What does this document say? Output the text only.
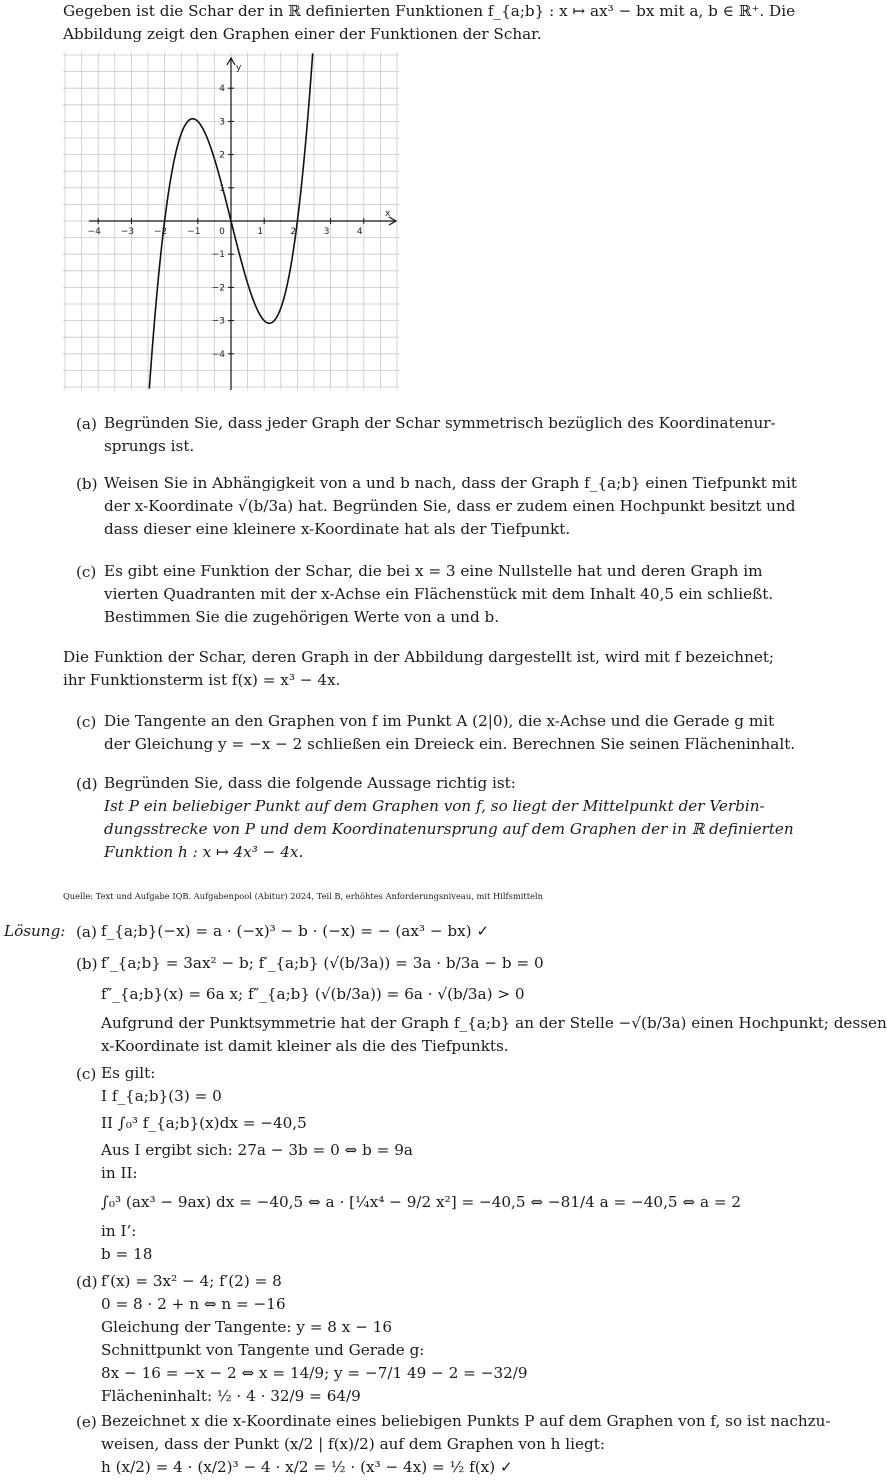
Gegeben ist die Schar der in ℝ definierten Funktionen f_{a;b} : x ↦ ax³ − bx mit a, b ∈ ℝ⁺. Die
Abbildung zeigt den Graphen einer der Funktionen der Schar.
−4 −3 −2 −1 0	1	2	3	4
−4
−3
−2
−1
1
2
3
4
x
y
(a) Begründen Sie, dass jeder Graph der Schar symmetrisch bezüglich des Koordinatenur-
sprungs ist.
(b) Weisen Sie in Abhängigkeit von a und b nach, dass der Graph f_{a;b} einen Tiefpunkt mit
der x-Koordinate √(b/3a) hat. Begründen Sie, dass er zudem einen Hochpunkt besitzt und
dass dieser eine kleinere x-Koordinate hat als der Tiefpunkt.
(c) Es gibt eine Funktion der Schar, die bei x = 3 eine Nullstelle hat und deren Graph im
vierten Quadranten mit der x-Achse ein Flächenstück mit dem Inhalt 40,5 ein schließt.
Bestimmen Sie die zugehörigen Werte von a und b.
Die Funktion der Schar, deren Graph in der Abbildung dargestellt ist, wird mit f bezeichnet;
ihr Funktionsterm ist f(x) = x³ − 4x.
(c) Die Tangente an den Graphen von f im Punkt A (2|0), die x-Achse und die Gerade g mit
der Gleichung y = −x − 2 schließen ein Dreieck ein. Berechnen Sie seinen Flächeninhalt.
(d) Begründen Sie, dass die folgende Aussage richtig ist:
Ist P ein beliebiger Punkt auf dem Graphen von f, so liegt der Mittelpunkt der Verbin-
dungsstrecke von P und dem Koordinatenursprung auf dem Graphen der in ℝ definierten
Funktion h : x ↦ 4x³ − 4x.
Quelle: Text und Aufgabe IQB. Aufgabenpool (Abitur) 2024, Teil B, erhöhtes Anforderungsniveau, mit Hilfsmitteln
Lösung: (a) f_{a;b}(−x) = a · (−x)³ − b · (−x) = − (ax³ − bx) ✓
(b) f′_{a;b} = 3ax² − b; f′_{a;b} (√(b/3a)) = 3a · b/3a − b = 0
f″_{a;b}(x) = 6a x; f″_{a;b} (√(b/3a)) = 6a · √(b/3a) > 0
Aufgrund der Punktsymmetrie hat der Graph f_{a;b} an der Stelle −√(b/3a) einen Hochpunkt; dessen
x-Koordinate ist damit kleiner als die des Tiefpunkts.
(c) Es gilt:
I f_{a;b}(3) = 0
II ∫₀³ f_{a;b}(x)dx = −40,5
Aus I ergibt sich: 27a − 3b = 0 ⇔ b = 9a
in II:
∫₀³ (ax³ − 9ax) dx = −40,5 ⇔ a · [¼x⁴ − 9/2 x²] = −40,5 ⇔ −81/4 a = −40,5 ⇔ a = 2
in I’:
b = 18
(d) f′(x) = 3x² − 4; f′(2) = 8
0 = 8 · 2 + n ⇔ n = −16
Gleichung der Tangente: y = 8 x − 16
Schnittpunkt von Tangente und Gerade g:
8x − 16 = −x − 2 ⇔ x = 14/9; y = −7/1 49 − 2 = −32/9
Flächeninhalt: ½ · 4 · 32/9 = 64/9
(e) Bezeichnet x die x-Koordinate eines beliebigen Punkts P auf dem Graphen von f, so ist nachzu-
weisen, dass der Punkt (x/2 | f(x)/2) auf dem Graphen von h liegt:
h (x/2) = 4 · (x/2)³ − 4 · x/2 = ½ · (x³ − 4x) = ½ f(x) ✓
